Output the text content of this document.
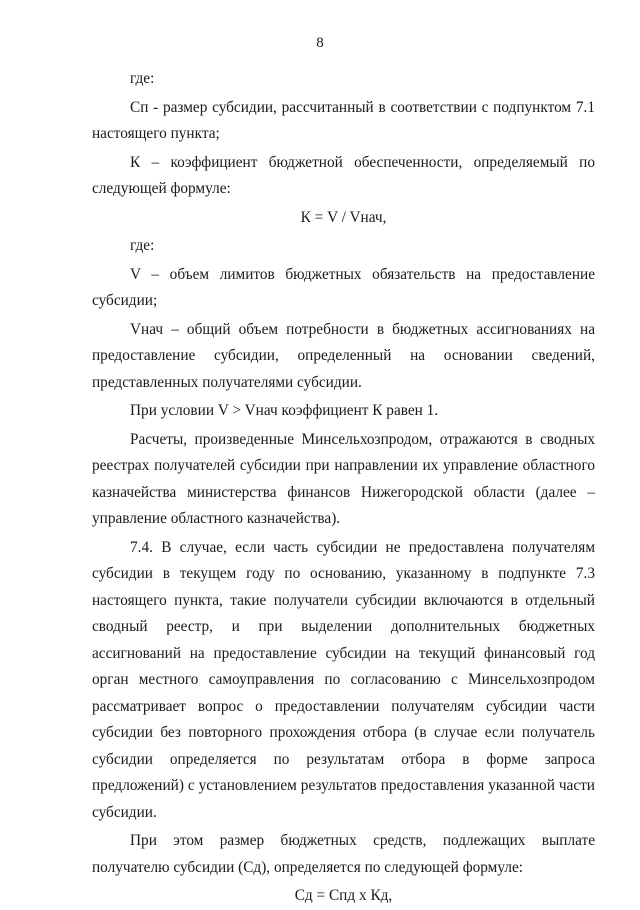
8

где:

Сп - размер субсидии, рассчитанный в соответствии с подпунктом 7.1 настоящего пункта;

К – коэффициент бюджетной обеспеченности, определяемый по следующей формуле:

К = V / Vнач,

где:

V – объем лимитов бюджетных обязательств на предоставление субсидии;

Vнач – общий объем потребности в бюджетных ассигнованиях на предоставление субсидии, определенный на основании сведений, представленных получателями субсидии.

При условии V > Vнач коэффициент К равен 1.

Расчеты, произведенные Минсельхозпродом, отражаются в сводных реестрах получателей субсидии при направлении их управление областного казначейства министерства финансов Нижегородской области (далее – управление областного казначейства).

7.4. В случае, если часть субсидии не предоставлена получателям субсидии в текущем году по основанию, указанному в подпункте 7.3 настоящего пункта, такие получатели субсидии включаются в отдельный сводный реестр, и при выделении дополнительных бюджетных ассигнований на предоставление субсидии на текущий финансовый год орган местного самоуправления по согласованию с Минсельхозпродом рассматривает вопрос о предоставлении получателям субсидии части субсидии без повторного прохождения отбора (в случае если получатель субсидии определяется по результатам отбора в форме запроса предложений) с установлением результатов предоставления указанной части субсидии.

При этом размер бюджетных средств, подлежащих выплате получателю субсидии (Сд), определяется по следующей формуле:

Сд = Спд х Кд,
